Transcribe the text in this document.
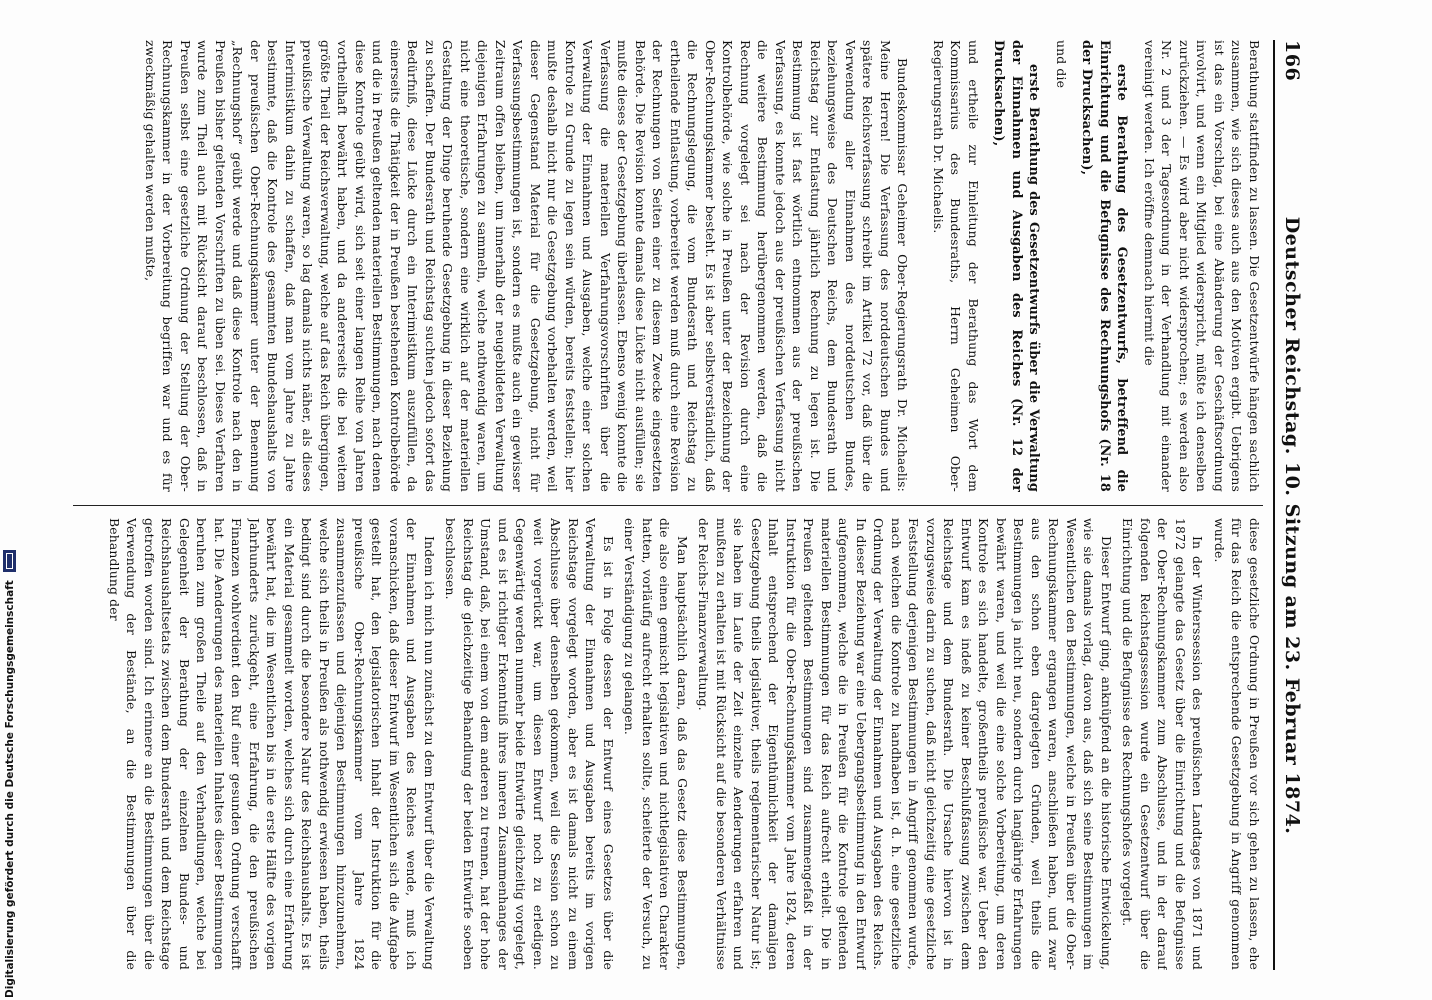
166
Deutscher Reichstag. 10. Sitzung am 23. Februar 1874.

Berathung stattfinden zu lassen. Die Gesetzentwürfe hängen sachlich zusammen, wie sich dieses auch aus den Motiven ergibt. Uebrigens ist das ein Vorschlag, bei eine Abänderung der Geschäftsordnung involvirt, und wenn ein Mitglied widerspricht, müßte ich denselben zurückziehen. — Es wird aber nicht widersprochen; es werden also Nr. 2 und 3 der Tagesordnung in der Verhandlung mit einander vereinigt werden. Ich eröffne demnach hiermit die

erste Berathung des Gesetzentwurfs, betreffend die Einrichtung und die Befugnisse des Rechnungshofs (Nr. 18 der Drucksachen),

und die

erste Berathung des Gesetzentwurfs über die Verwaltung der Einnahmen und Ausgaben des Reiches (Nr. 12 der Drucksachen),

und ertheile zur Einleitung der Berathung das Wort dem Kommissarius des Bundesraths, Herrn Geheimen Ober-Regierungsrath Dr. Michaelis.

Bundeskommissar Geheimer Ober-Regierungsrath Dr. Michaelis: Meine Herren! Die Verfassung des norddeutschen Bundes und spätere Reichsverfassung schreibt im Artikel 72 vor, daß über die Verwendung aller Einnahmen des norddeutschen Bundes, beziehungsweise des Deutschen Reichs, dem Bundesrath und Reichstag zur Entlastung jährlich Rechnung zu legen ist. Die Bestimmung ist fast wörtlich entnommen aus der preußischen Verfassung, es konnte jedoch aus der preußischen Verfassung nicht die weitere Bestimmung herübergenommen werden, daß die Rechnung vorgelegt sei nach der Revision durch eine Kontrolbehörde, wie solche in Preußen unter der Bezeichnung der Ober-Rechnungskammer besteht. Es ist aber selbstverständlich, daß die Rechnungslegung, die vom Bundesrath und Reichstag zu ertheilende Entlastung, vorbereitet werden muß durch eine Revision der Rechnungen von Seiten einer zu diesem Zwecke eingesetzten Behörde. Die Revision konnte damals diese Lücke nicht ausfüllen; sie mußte dieses der Gesetzgebung überlassen. Ebenso wenig konnte die Verfassung die materiellen Verfahrungsvorschriften über die Verwaltung der Einnahmen und Ausgaben, welche einer solchen Kontrole zu Grunde zu legen sein würden, bereits feststellen; hier mußte deshalb nicht nur die Gesetzgebung vorbehalten werden, weil dieser Gegenstand Material für die Gesetzgebung, nicht für Verfassungsbestimmungen ist, sondern es mußte auch ein gewisser Zeitraum offen bleiben, um innerhalb der neugebildeten Verwaltung diejenigen Erfahrungen zu sammeln, welche nothwendig waren, um nicht eine theoretische, sondern eine wirklich auf der materiellen Gestaltung der Dinge beruhende Gesetzgebung in dieser Beziehung zu schaffen. Der Bundesrath und Reichstag suchten jedoch sofort das Bedürfniß, diese Lücke durch ein Interimistikum auszufüllen, da einerseits die Thätigkeit der in Preußen bestehenden Kontrolbehörde und die in Preußen geltenden materiellen Bestimmungen, nach denen diese Kontrole geübt wird, sich seit einer langen Reihe von Jahren vortheilhaft bewährt haben, und da andererseits die bei weitem größte Theil der Reichsverwaltung, welche auf das Reich übergingen, preußische Verwaltung waren, so lag damals nichts näher, als dieses Interimistikum dahin zu schaffen, daß man vom Jahre zu Jahre bestimmte, daß die Kontrole des gesammten Bundeshaushalts von der preußischen Ober-Rechnungskammer unter der Benennung „Rechnungshof“ geübt werde und daß diese Kontrole nach den in Preußen bisher geltenden Vorschriften zu üben sei. Dieses Verfahren wurde zum Theil auch mit Rücksicht darauf beschlossen, daß in Preußen selbst eine gesetzliche Ordnung der Stellung der Ober-Rechnungskammer in der Vorbereitung begriffen war und es für zweckmäßig gehalten werden mußte,

diese gesetzliche Ordnung in Preußen vor sich gehen zu lassen, ehe für das Reich die entsprechende Gesetzgebung in Angriff genommen wurde.

In der Winterssession des preußischen Landtages von 1871 und 1872 gelangte das Gesetz über die Einrichtung und die Befugnisse der Ober-Rechnungskammer zum Abschlusse, und in der darauf folgenden Reichstagssession wurde ein Gesetzentwurf über die Einrichtung und die Befugnisse des Rechnungshofes vorgelegt.

Dieser Entwurf ging, anknüpfend an die historische Entwickelung, wie sie damals vorlag, davon aus, daß sich seine Bestimmungen im Wesentlichen den Bestimmungen, welche in Preußen über die Ober-Rechnungskammer ergangen waren, anschließen haben, und zwar aus den schon eben dargelegten Gründen, weil theils die Bestimmungen ja nicht neu, sondern durch langjährige Erfahrungen bewährt waren, und weil die eine solche Vorbereitung, um deren Kontrole es sich handelte, großentheils preußische war. Ueber den Entwurf kam es indeß zu keiner Beschlußfassung zwischen dem Reichstage und dem Bundesrath. Die Ursache hiervon ist in vorzugsweise darin zu suchen, daß nicht gleichzeitig eine gesetzliche Feststellung derjenigen Bestimmungen in Angriff genommen wurde, nach welchen die Kontrole zu handhaben ist, d. h. eine gesetzliche Ordnung der Verwaltung der Einnahmen und Ausgaben des Reichs. In dieser Beziehung war eine Uebergangsbestimmung in den Entwurf aufgenommen, welche die in Preußen für die Kontrole geltenden materiellen Bestimmungen für das Reich aufrecht erhielt. Die in Preußen geltenden Bestimmungen sind zusammengefaßt in der Instruktion für die Ober-Rechnungskammer vom Jahre 1824, deren Inhalt entsprechend der Eigenthümlichkeit der damaligen Gesetzgebung theils legislativer, theils reglementarischer Natur ist; sie haben im Laufe der Zeit einzelne Aenderungen erfahren und mußten zu erhalten ist mit Rücksicht auf die besonderen Verhältnisse der Reichs-Finanzverwaltung.

Man hauptsächlich daran, daß das Gesetz diese Bestimmungen, die also einen gemischt legislativen und nichtlegislativen Charakter hatten, vorläufig aufrecht erhalten sollte, scheiterte der Versuch, zu einer Verständigung zu gelangen.

Es ist in Folge dessen der Entwurf eines Gesetzes über die Verwaltung der Einnahmen und Ausgaben bereits im vorigen Reichstage vorgelegt worden, aber es ist damals nicht zu einem Abschlusse über denselben gekommen, weil die Session schon zu weit vorgerückt war, um diesen Entwurf noch zu erledigen. Gegenwärtig werden nunmehr beide Entwürfe gleichzeitig vorgelegt, und es ist richtiger Erkenntniß ihres inneren Zusammenhanges der Umstand, daß, bei einem von dem anderen zu trennen, hat der hohe Reichstag die gleichzeitige Behandlung der beiden Entwürfe soeben beschlossen.

Indem ich mich nun zunächst zu dem Entwurf über die Verwaltung der Einnahmen und Ausgaben des Reiches wende, muß ich voranschicken, daß dieser Entwurf im Wesentlichen sich die Aufgabe gestellt hat, den legislatorischen Inhalt der Instruktion für die preußische Ober-Rechnungskammer vom Jahre 1824 zusammenzufassen und diejenigen Bestimmungen hinzuzunehmen, welche sich theils in Preußen als nothwendig erwiesen haben, theils bedingt sind durch die besondere Natur des Reichshaushalts. Es ist ein Material gesammelt worden, welches sich durch eine Erfahrung bewährt hat, die im Wesentlichen bis in die erste Hälfte des vorigen Jahrhunderts zurückgeht, eine Erfahrung, die den preußischen Finanzen wohlverdient den Ruf einer gesunden Ordnung verschafft hat. Die Aenderungen des materiellen Inhaltes dieser Bestimmungen beruhen zum großen Theile auf den Verhandlungen, welche bei Gelegenheit der Berathung der einzelnen Bundes- und Reichshaushaltsetats zwischen dem Bundesrath und dem Reichstage getroffen worden sind. Ich erinnere an die Bestimmungen über die Verwendung der Bestände, an die Bestimmungen über die Behandlung der

Digitalisierung gefördert durch die Deutsche Forschungsgemeinschaft
